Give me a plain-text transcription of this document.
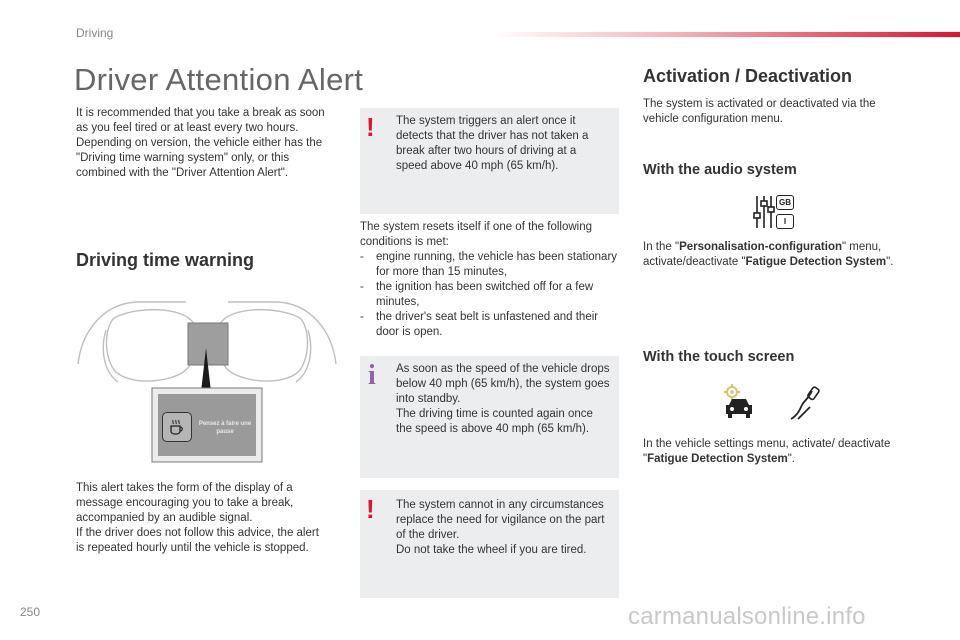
Driving
Driver Attention Alert
It is recommended that you take a break as soon as you feel tired or at least every two hours.
Depending on version, the vehicle either has the "Driving time warning system" only, or this combined with the "Driver Attention Alert".
Driving time warning
Pensez à faire une
pause
This alert takes the form of the display of a message encouraging you to take a break, accompanied by an audible signal.
If the driver does not follow this advice, the alert is repeated hourly until the vehicle is stopped.
! The system triggers an alert once it detects that the driver has not taken a break after two hours of driving at a speed above 40 mph (65 km/h).
The system resets itself if one of the following conditions is met:
-	engine running, the vehicle has been stationary for more than 15 minutes,
-	the ignition has been switched off for a few minutes,
-	the driver's seat belt is unfastened and their door is open.
i As soon as the speed of the vehicle drops below 40 mph (65 km/h), the system goes into standby.
The driving time is counted again once the speed is above 40 mph (65 km/h).
! The system cannot in any circumstances replace the need for vigilance on the part of the driver.
Do not take the wheel if you are tired.
Activation / Deactivation
The system is activated or deactivated via the vehicle configuration menu.
With the audio system
GB
I
In the "Personalisation-configuration" menu, activate/deactivate "Fatigue Detection System".
With the touch screen
In the vehicle settings menu, activate/ deactivate "Fatigue Detection System".
250	carmanualsonline.info
